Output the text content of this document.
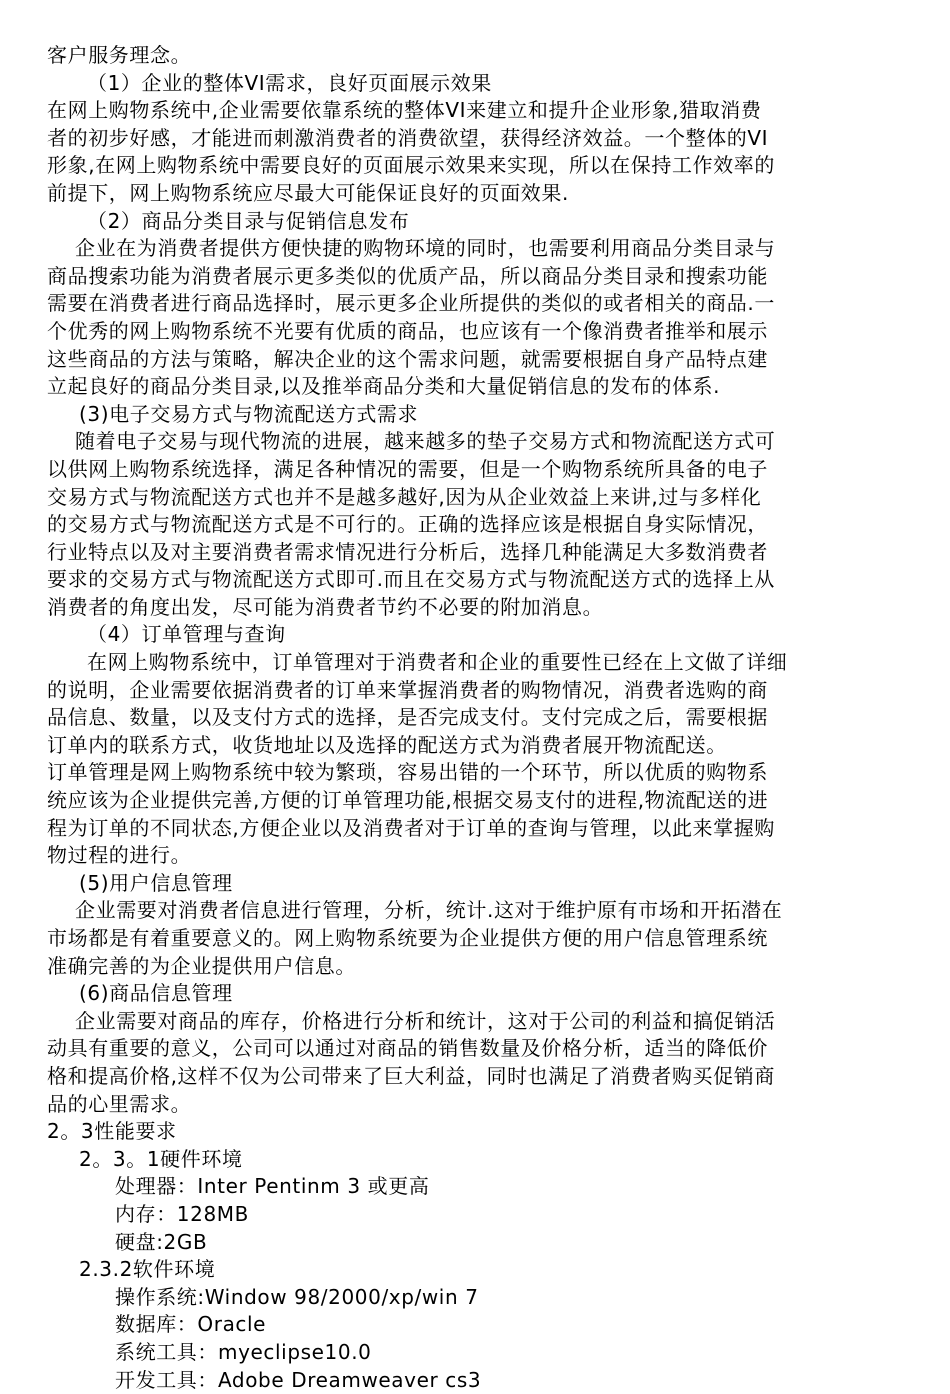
客户服务理念。
（1）企业的整体VI需求，良好页面展示效果
在网上购物系统中,企业需要依靠系统的整体VI来建立和提升企业形象,猎取消费
者的初步好感，才能进而刺激消费者的消费欲望，获得经济效益。一个整体的VI
形象,在网上购物系统中需要良好的页面展示效果来实现，所以在保持工作效率的
前提下，网上购物系统应尽最大可能保证良好的页面效果.
（2）商品分类目录与促销信息发布
企业在为消费者提供方便快捷的购物环境的同时，也需要利用商品分类目录与
商品搜索功能为消费者展示更多类似的优质产品，所以商品分类目录和搜索功能
需要在消费者进行商品选择时，展示更多企业所提供的类似的或者相关的商品.一
个优秀的网上购物系统不光要有优质的商品，也应该有一个像消费者推举和展示
这些商品的方法与策略，解决企业的这个需求问题，就需要根据自身产品特点建
立起良好的商品分类目录,以及推举商品分类和大量促销信息的发布的体系.
(3)电子交易方式与物流配送方式需求
随着电子交易与现代物流的进展，越来越多的垫子交易方式和物流配送方式可
以供网上购物系统选择，满足各种情况的需要，但是一个购物系统所具备的电子
交易方式与物流配送方式也并不是越多越好,因为从企业效益上来讲,过与多样化
的交易方式与物流配送方式是不可行的。正确的选择应该是根据自身实际情况，
行业特点以及对主要消费者需求情况进行分析后，选择几种能满足大多数消费者
要求的交易方式与物流配送方式即可.而且在交易方式与物流配送方式的选择上从
消费者的角度出发，尽可能为消费者节约不必要的附加消息。
（4）订单管理与查询
在网上购物系统中，订单管理对于消费者和企业的重要性已经在上文做了详细
的说明，企业需要依据消费者的订单来掌握消费者的购物情况，消费者选购的商
品信息、数量，以及支付方式的选择，是否完成支付。支付完成之后，需要根据
订单内的联系方式，收货地址以及选择的配送方式为消费者展开物流配送。
订单管理是网上购物系统中较为繁琐，容易出错的一个环节，所以优质的购物系
统应该为企业提供完善,方便的订单管理功能,根据交易支付的进程,物流配送的进
程为订单的不同状态,方便企业以及消费者对于订单的查询与管理，以此来掌握购
物过程的进行。
(5)用户信息管理
企业需要对消费者信息进行管理，分析，统计.这对于维护原有市场和开拓潜在
市场都是有着重要意义的。网上购物系统要为企业提供方便的用户信息管理系统
准确完善的为企业提供用户信息。
(6)商品信息管理
企业需要对商品的库存，价格进行分析和统计，这对于公司的利益和搞促销活
动具有重要的意义，公司可以通过对商品的销售数量及价格分析，适当的降低价
格和提高价格,这样不仅为公司带来了巨大利益，同时也满足了消费者购买促销商
品的心里需求。
2。3性能要求
2。3。1硬件环境
处理器：Inter Pentinm 3 或更高
内存：128MB
硬盘:2GB
2.3.2软件环境
操作系统:Window 98/2000/xp/win 7
数据库：Oracle
系统工具：myeclipse10.0
开发工具：Adobe Dreamweaver cs3
